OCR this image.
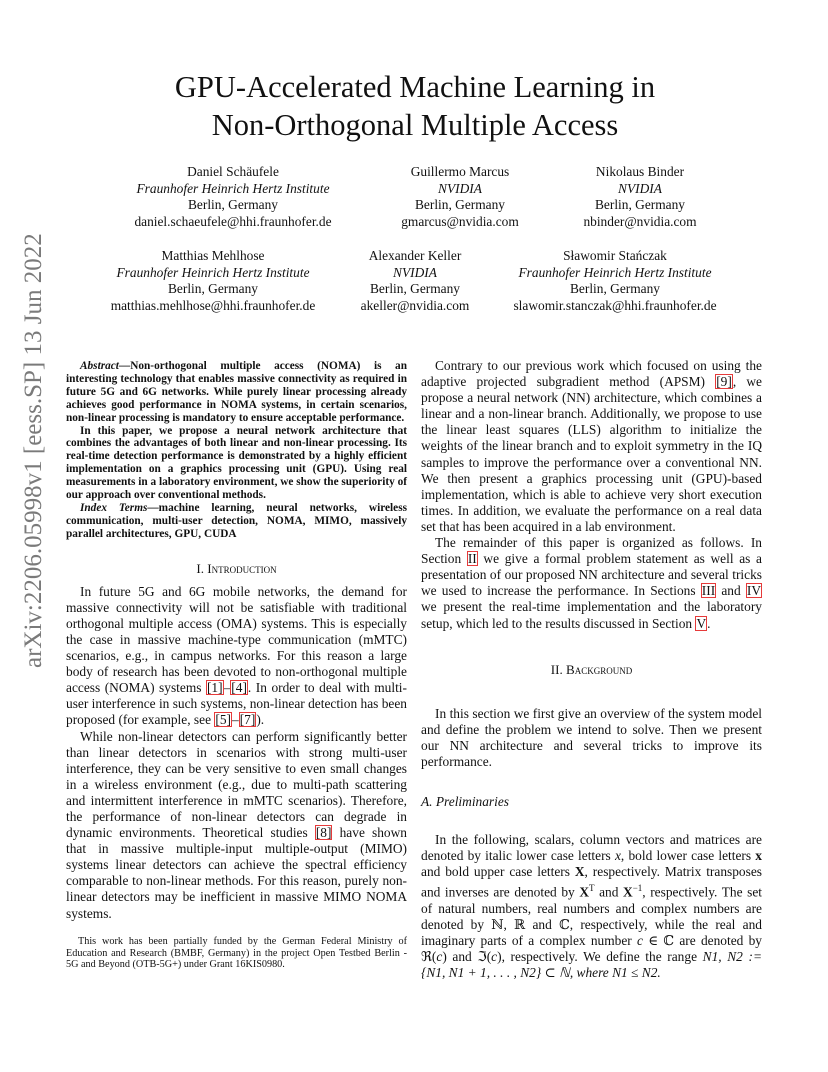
arXiv:2206.05998v1 [eess.SP] 13 Jun 2022
GPU-Accelerated Machine Learning in
Non-Orthogonal Multiple Access
Daniel Schäufele
Fraunhofer Heinrich Hertz Institute
Berlin, Germany
daniel.schaeufele@hhi.fraunhofer.de
Guillermo Marcus
NVIDIA
Berlin, Germany
gmarcus@nvidia.com
Nikolaus Binder
NVIDIA
Berlin, Germany
nbinder@nvidia.com
Matthias Mehlhose
Fraunhofer Heinrich Hertz Institute
Berlin, Germany
matthias.mehlhose@hhi.fraunhofer.de
Alexander Keller
NVIDIA
Berlin, Germany
akeller@nvidia.com
Sławomir Stańczak
Fraunhofer Heinrich Hertz Institute
Berlin, Germany
slawomir.stanczak@hhi.fraunhofer.de

Abstract—Non-orthogonal multiple access (NOMA) is an interesting technology that enables massive connectivity as required in future 5G and 6G networks. While purely linear processing already achieves good performance in NOMA systems, in certain scenarios, non-linear processing is mandatory to ensure acceptable performance.

In this paper, we propose a neural network architecture that combines the advantages of both linear and non-linear processing. Its real-time detection performance is demonstrated by a highly efficient implementation on a graphics processing unit (GPU). Using real measurements in a laboratory environment, we show the superiority of our approach over conventional methods.

Index Terms—machine learning, neural networks, wireless communication, multi-user detection, NOMA, MIMO, massively parallel architectures, GPU, CUDA

I. Introduction

In future 5G and 6G mobile networks, the demand for massive connectivity will not be satisfiable with traditional orthogonal multiple access (OMA) systems. This is especially the case in massive machine-type communication (mMTC) scenarios, e.g., in campus networks. For this reason a large body of research has been devoted to non-orthogonal multiple access (NOMA) systems [1]–[4]. In order to deal with multi-user interference in such systems, non-linear detection has been proposed (for example, see [5]–[7]).

While non-linear detectors can perform significantly better than linear detectors in scenarios with strong multi-user interference, they can be very sensitive to even small changes in a wireless environment (e.g., due to multi-path scattering and intermittent interference in mMTC scenarios). Therefore, the performance of non-linear detectors can degrade in dynamic environments. Theoretical studies [8] have shown that in massive multiple-input multiple-output (MIMO) systems linear detectors can achieve the spectral efficiency comparable to non-linear methods. For this reason, purely non-linear detectors may be inefficient in massive MIMO NOMA systems.

This work has been partially funded by the German Federal Ministry of Education and Research (BMBF, Germany) in the project Open Testbed Berlin - 5G and Beyond (OTB-5G+) under Grant 16KIS0980.

Contrary to our previous work which focused on using the adaptive projected subgradient method (APSM) [9], we propose a neural network (NN) architecture, which combines a linear and a non-linear branch. Additionally, we propose to use the linear least squares (LLS) algorithm to initialize the weights of the linear branch and to exploit symmetry in the IQ samples to improve the performance over a conventional NN. We then present a graphics processing unit (GPU)-based implementation, which is able to achieve very short execution times. In addition, we evaluate the performance on a real data set that has been acquired in a lab environment.

The remainder of this paper is organized as follows. In Section II we give a formal problem statement as well as a presentation of our proposed NN architecture and several tricks we used to increase the performance. In Sections III and IV we present the real-time implementation and the laboratory setup, which led to the results discussed in Section V.

II. Background

In this section we first give an overview of the system model and define the problem we intend to solve. Then we present our NN architecture and several tricks to improve its performance.

A. Preliminaries

In the following, scalars, column vectors and matrices are denoted by italic lower case letters x, bold lower case letters x and bold upper case letters X, respectively. Matrix transposes and inverses are denoted by $X^T$ and $X^{-1}$, respectively. The set of natural numbers, real numbers and complex numbers are denoted by ℕ, ℝ and ℂ, respectively, while the real and imaginary parts of a complex number c ∈ ℂ are denoted by ℜ(c) and ℑ(c), respectively. We define the range N1, N2 := {N1, N1 + 1, . . . , N2} ⊂ ℕ, where N1 ≤ N2.
